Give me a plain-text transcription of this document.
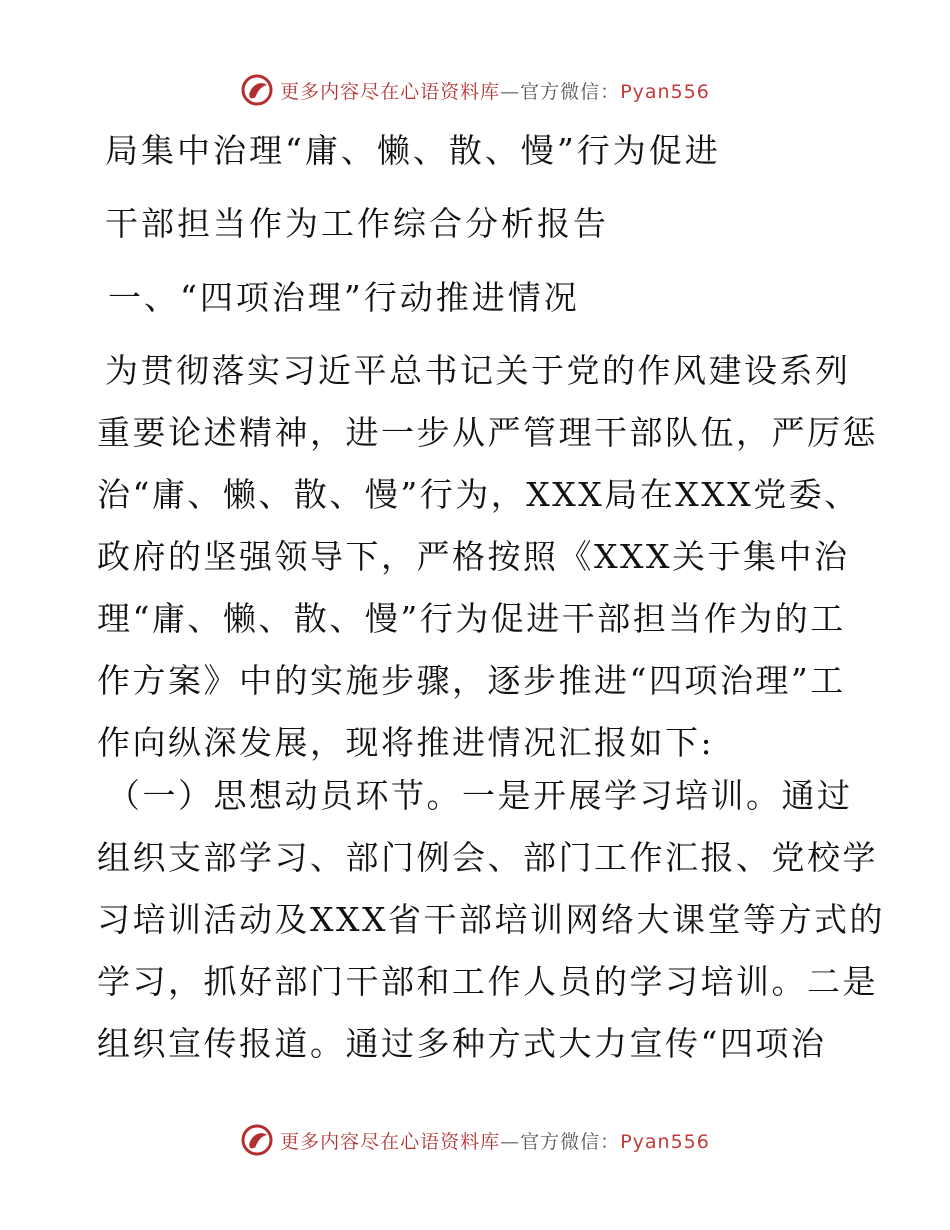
更多内容尽在心语资料库—官方微信：Pyan556
局集中治理“庸、懒、散、慢”行为促进
干部担当作为工作综合分析报告
一、“四项治理”行动推进情况
为贯彻落实习近平总书记关于党的作风建设系列
重要论述精神，进一步从严管理干部队伍，严厉惩
治“庸、懒、散、慢”行为，XXX局在XXX党委、
政府的坚强领导下，严格按照《XXX关于集中治
理“庸、懒、散、慢”行为促进干部担当作为的工
作方案》中的实施步骤，逐步推进“四项治理”工
作向纵深发展，现将推进情况汇报如下:
（一）思想动员环节。一是开展学习培训。通过
组织支部学习、部门例会、部门工作汇报、党校学
习培训活动及XXX省干部培训网络大课堂等方式的
学习，抓好部门干部和工作人员的学习培训。二是
组织宣传报道。通过多种方式大力宣传“四项治
更多内容尽在心语资料库—官方微信：Pyan556
